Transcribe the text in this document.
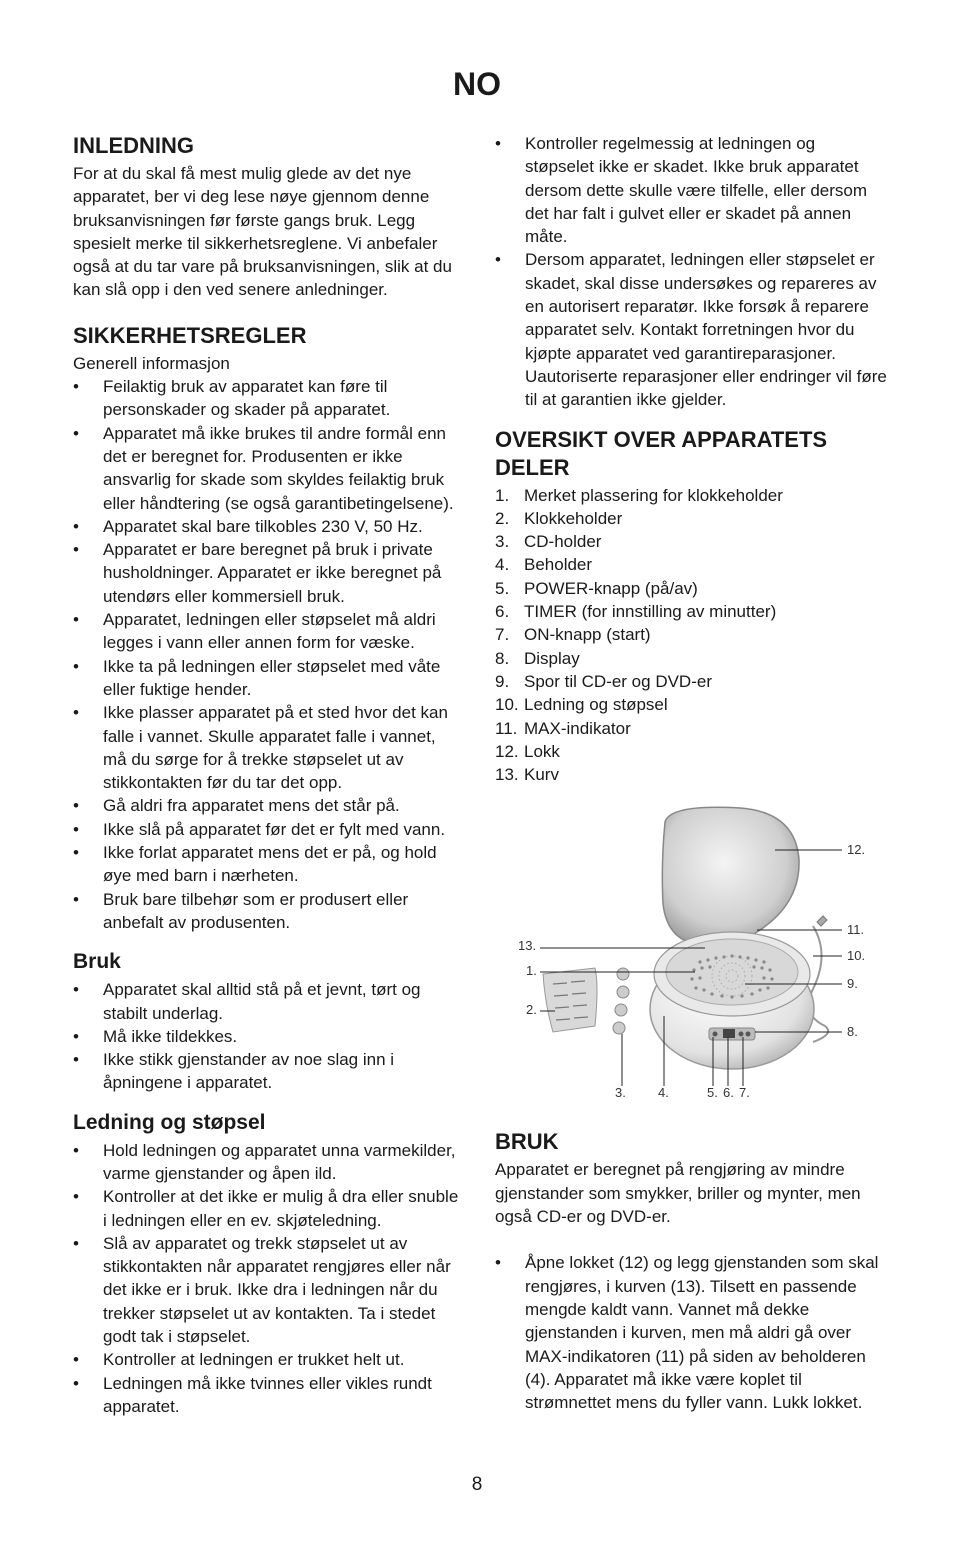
NO
INLEDNING

For at du skal få mest mulig glede av det nye apparatet, ber vi deg lese nøye gjennom denne bruksanvisningen før første gangs bruk. Legg spesielt merke til sikkerhetsreglene. Vi anbefaler også at du tar vare på bruksanvisningen, slik at du kan slå opp i den ved senere anledninger.

SIKKERHETSREGLER

Generell informasjon

• Feilaktig bruk av apparatet kan føre til personskader og skader på apparatet.
• Apparatet må ikke brukes til andre formål enn det er beregnet for. Produsenten er ikke ansvarlig for skade som skyldes feilaktig bruk eller håndtering (se også garantibetingelsene).
• Apparatet skal bare tilkobles 230 V, 50 Hz.
• Apparatet er bare beregnet på bruk i private husholdninger. Apparatet er ikke beregnet på utendørs eller kommersiell bruk.
• Apparatet, ledningen eller støpselet må aldri legges i vann eller annen form for væske.
• Ikke ta på ledningen eller støpselet med våte eller fuktige hender.
• Ikke plasser apparatet på et sted hvor det kan falle i vannet. Skulle apparatet falle i vannet, må du sørge for å trekke støpselet ut av stikkontakten før du tar det opp.
• Gå aldri fra apparatet mens det står på.
• Ikke slå på apparatet før det er fylt med vann.
• Ikke forlat apparatet mens det er på, og hold øye med barn i nærheten.
• Bruk bare tilbehør som er produsert eller anbefalt av produsenten.
Bruk
• Apparatet skal alltid stå på et jevnt, tørt og stabilt underlag.
• Må ikke tildekkes.
• Ikke stikk gjenstander av noe slag inn i åpningene i apparatet.
Ledning og støpsel
• Hold ledningen og apparatet unna varmekilder, varme gjenstander og åpen ild.
• Kontroller at det ikke er mulig å dra eller snuble i ledningen eller en ev. skjøteledning.
• Slå av apparatet og trekk støpselet ut av stikkontakten når apparatet rengjøres eller når det ikke er i bruk. Ikke dra i ledningen når du trekker støpselet ut av kontakten. Ta i stedet godt tak i støpselet.
• Kontroller at ledningen er trukket helt ut.
• Ledningen må ikke tvinnes eller vikles rundt apparatet.
• Kontroller regelmessig at ledningen og støpselet ikke er skadet. Ikke bruk apparatet dersom dette skulle være tilfelle, eller dersom det har falt i gulvet eller er skadet på annen måte.
• Dersom apparatet, ledningen eller støpselet er skadet, skal disse undersøkes og repareres av en autorisert reparatør. Ikke forsøk å reparere apparatet selv. Kontakt forretningen hvor du kjøpte apparatet ved garantireparasjoner. Uautoriserte reparasjoner eller endringer vil føre til at garantien ikke gjelder.
OVERSIKT OVER APPARATETS DELER
1. Merket plassering for klokkeholder
2. Klokkeholder
3. CD-holder
4. Beholder
5. POWER-knapp (på/av)
6. TIMER (for innstilling av minutter)
7. ON-knapp (start)
8. Display
9. Spor til CD-er og DVD-er
10. Ledning og støpsel
11. MAX-indikator
12. Lokk
13. Kurv
12.
11.
10.
9.
8.
13.
1.
2.
3. 4.	5. 6. 7.
BRUK

Apparatet er beregnet på rengjøring av mindre gjenstander som smykker, briller og mynter, men også CD-er og DVD-er.

• Åpne lokket (12) og legg gjenstanden som skal rengjøres, i kurven (13). Tilsett en passende mengde kaldt vann. Vannet må dekke gjenstanden i kurven, men må aldri gå over MAX-indikatoren (11) på siden av beholderen (4). Apparatet må ikke være koplet til strømnettet mens du fyller vann. Lukk lokket.
8
